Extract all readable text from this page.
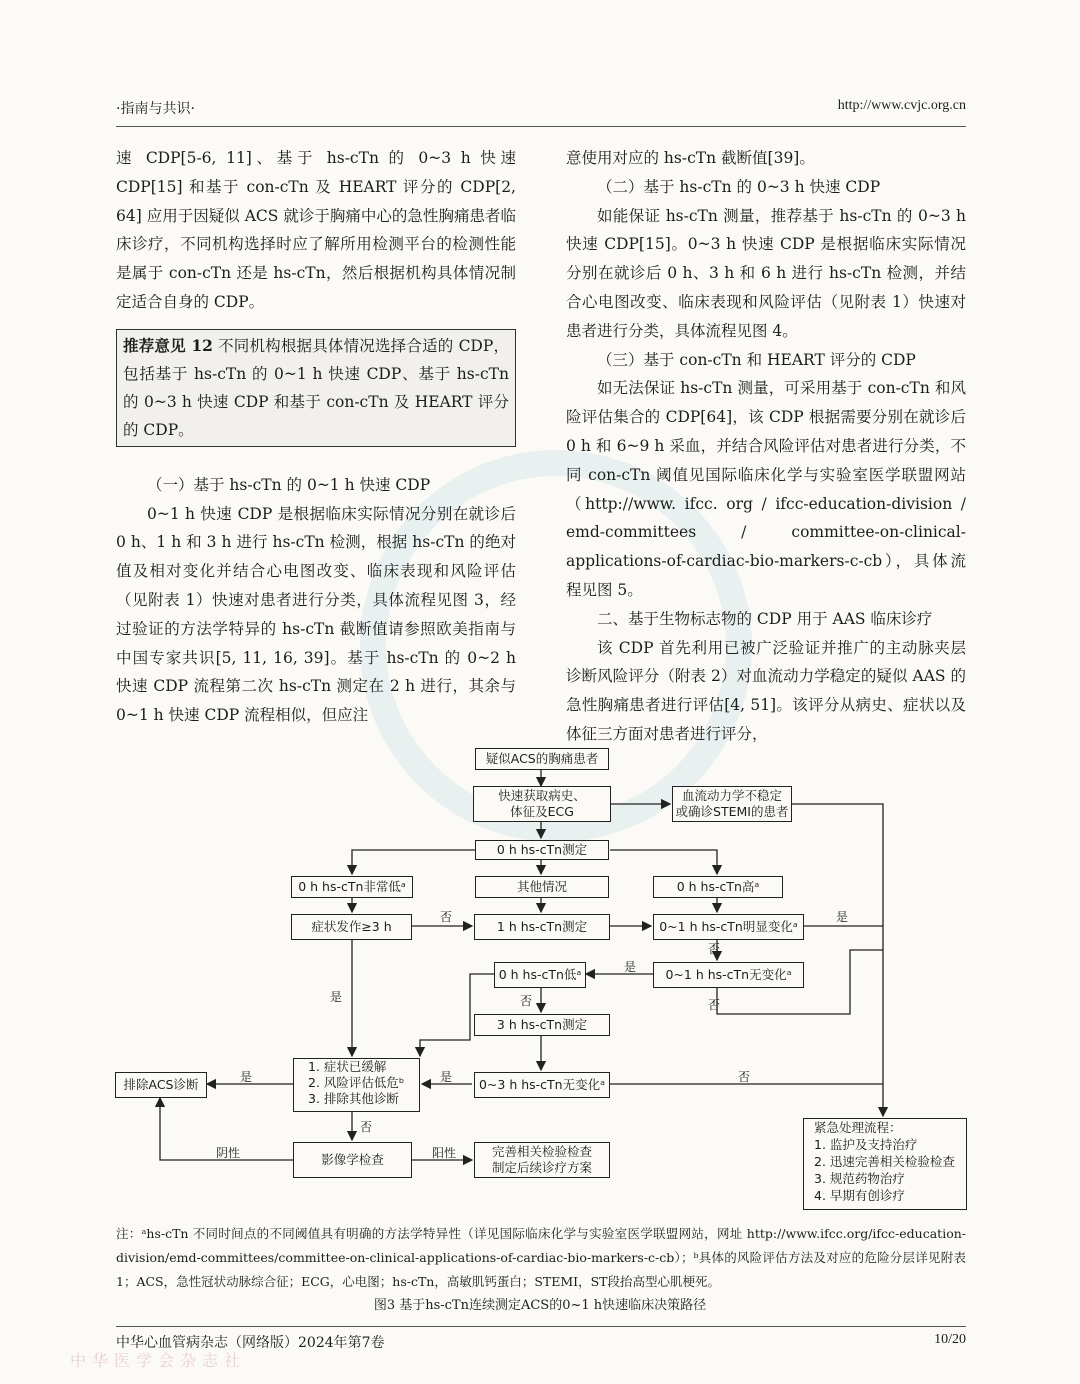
·指南与共识·	http://www.cvjc.org.cn

速 CDP[5-6, 11]、基于 hs-cTn 的 0~3 h 快速 CDP[15] 和基于 con-cTn 及 HEART 评分的 CDP[2, 64] 应用于因疑似 ACS 就诊于胸痛中心的急性胸痛患者临床诊疗，不同机构选择时应了解所用检测平台的检测性能是属于 con-cTn 还是 hs-cTn，然后根据机构具体情况制定适合自身的 CDP。

推荐意见 12 不同机构根据具体情况选择合适的 CDP，包括基于 hs-cTn 的 0~1 h 快速 CDP、基于 hs-cTn 的 0~3 h 快速 CDP 和基于 con-cTn 及 HEART 评分的 CDP。

（一）基于 hs-cTn 的 0~1 h 快速 CDP

0~1 h 快速 CDP 是根据临床实际情况分别在就诊后 0 h、1 h 和 3 h 进行 hs-cTn 检测，根据 hs-cTn 的绝对值及相对变化并结合心电图改变、临床表现和风险评估（见附表 1）快速对患者进行分类，具体流程见图 3，经过验证的方法学特异的 hs-cTn 截断值请参照欧美指南与中国专家共识[5, 11, 16, 39]。基于 hs-cTn 的 0~2 h 快速 CDP 流程第二次 hs-cTn 测定在 2 h 进行，其余与 0~1 h 快速 CDP 流程相似，但应注

意使用对应的 hs-cTn 截断值[39]。

（二）基于 hs-cTn 的 0~3 h 快速 CDP

如能保证 hs-cTn 测量，推荐基于 hs-cTn 的 0~3 h 快速 CDP[15]。0~3 h 快速 CDP 是根据临床实际情况分别在就诊后 0 h、3 h 和 6 h 进行 hs-cTn 检测，并结合心电图改变、临床表现和风险评估（见附表 1）快速对患者进行分类，具体流程见图 4。

（三）基于 con-cTn 和 HEART 评分的 CDP

如无法保证 hs-cTn 测量，可采用基于 con-cTn 和风险评估集合的 CDP[64]，该 CDP 根据需要分别在就诊后 0 h 和 6~9 h 采血，并结合风险评估对患者进行分类，不同 con-cTn 阈值见国际临床化学与实验室医学联盟网站（http://www. ifcc. org / ifcc-education-division / emd-committees / committee-on-clinical-applications-of-cardiac-bio-markers-c-cb），具体流程见图 5。

二、基于生物标志物的 CDP 用于 AAS 临床诊疗

该 CDP 首先利用已被广泛验证并推广的主动脉夹层诊断风险评分（附表 2）对血流动力学稳定的疑似 AAS 的急性胸痛患者进行评估[4, 51]。该评分从病史、症状以及体征三方面对患者进行评分，

疑似ACS的胸痛患者
快速获取病史、
体征及ECG
血流动力学不稳定
或确诊STEMI的患者
0 h hs-cTn测定
0 h hs-cTn非常低ᵃ	其他情况	0 h hs-cTn高ᵃ
症状发作≥3 h	1 h hs-cTn测定	0~1 h hs-cTn明显变化ᵃ
0 h hs-cTn低ᵃ	0~1 h hs-cTn无变化ᵃ
3 h hs-cTn测定
1. 症状已缓解
2. 风险评估低危ᵇ
3. 排除其他诊断
0~3 h hs-cTn无变化ᵃ
排除ACS诊断
影像学检查
完善相关检验检查
制定后续诊疗方案
紧急处理流程：
1. 监护及支持治疗
2. 迅速完善相关检验检查
3. 规范药物治疗
4. 早期有创诊疗
否	是
否
是
否	否
是
是	否
是
否
阴性	阳性
注：ᵃhs-cTn 不同时间点的不同阈值具有明确的方法学特异性（详见国际临床化学与实验室医学联盟网站，网址 http://www.ifcc.org/ifcc-education-division/emd-committees/committee-on-clinical-applications-of-cardiac-bio-markers-c-cb）；ᵇ具体的风险评估方法及对应的危险分层详见附表1；ACS，急性冠状动脉综合征；ECG，心电图；hs-cTn，高敏肌钙蛋白；STEMI，ST段抬高型心肌梗死。
图3 基于hs-cTn连续测定ACS的0~1 h快速临床决策路径
中华心血管病杂志（网络版）2024年第7卷	10/20
中华医学会杂志社
